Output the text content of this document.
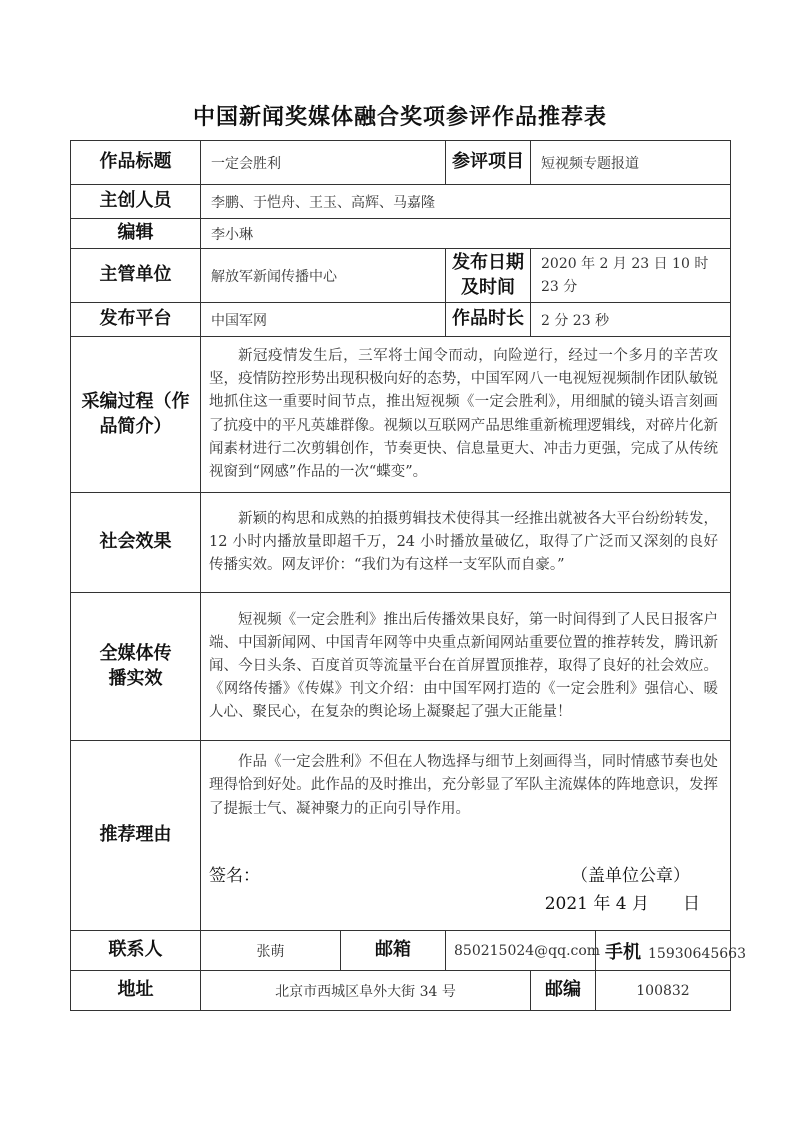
中国新闻奖媒体融合奖项参评作品推荐表
作品标题	一定会胜利		参评项目	短视频专题报道	
主创人员	李鹏、于恺舟、王玉、高辉、马嘉隆				
编辑	李小琳				
主管单位	解放军新闻传播中心		发布日期及时间	2020 年 2 月 23 日 10 时 23 分	
发布平台	中国军网		作品时长	2 分 23 秒	
采编过程（作品简介）	新冠疫情发生后，三军将士闻令而动，向险逆行，经过一个多月的辛苦攻坚，疫情防控形势出现积极向好的态势，中国军网八一电视短视频制作团队敏锐地抓住这一重要时间节点，推出短视频《一定会胜利》，用细腻的镜头语言刻画了抗疫中的平凡英雄群像。视频以互联网产品思维重新梳理逻辑线，对碎片化新闻素材进行二次剪辑创作，节奏更快、信息量更大、冲击力更强，完成了从传统视窗到“网感”作品的一次“蝶变”。				
社会效果	新颖的构思和成熟的拍摄剪辑技术使得其一经推出就被各大平台纷纷转发，12 小时内播放量即超千万，24 小时播放量破亿，取得了广泛而又深刻的良好传播实效。网友评价：“我们为有这样一支军队而自豪。”				
全媒体传播实效	短视频《一定会胜利》推出后传播效果良好，第一时间得到了人民日报客户端、中国新闻网、中国青年网等中央重点新闻网站重要位置的推荐转发，腾讯新闻、今日头条、百度首页等流量平台在首屏置顶推荐，取得了良好的社会效应。《网络传播》《传媒》刊文介绍：由中国军网打造的《一定会胜利》强信心、暖人心、聚民心，在复杂的舆论场上凝聚起了强大正能量！				
推荐理由	作品《一定会胜利》不但在人物选择与细节上刻画得当，同时情感节奏也处理得恰到好处。此作品的及时推出，充分彰显了军队主流媒体的阵地意识，发挥了提振士气、凝神聚力的正向引导作用。
签名： （盖单位公章）
2021 年 4 月　　日				

联系人	张萌	邮箱	850215024@qq.com		手机 15930645663
地址	北京市西城区阜外大街 34 号			邮编	100832
